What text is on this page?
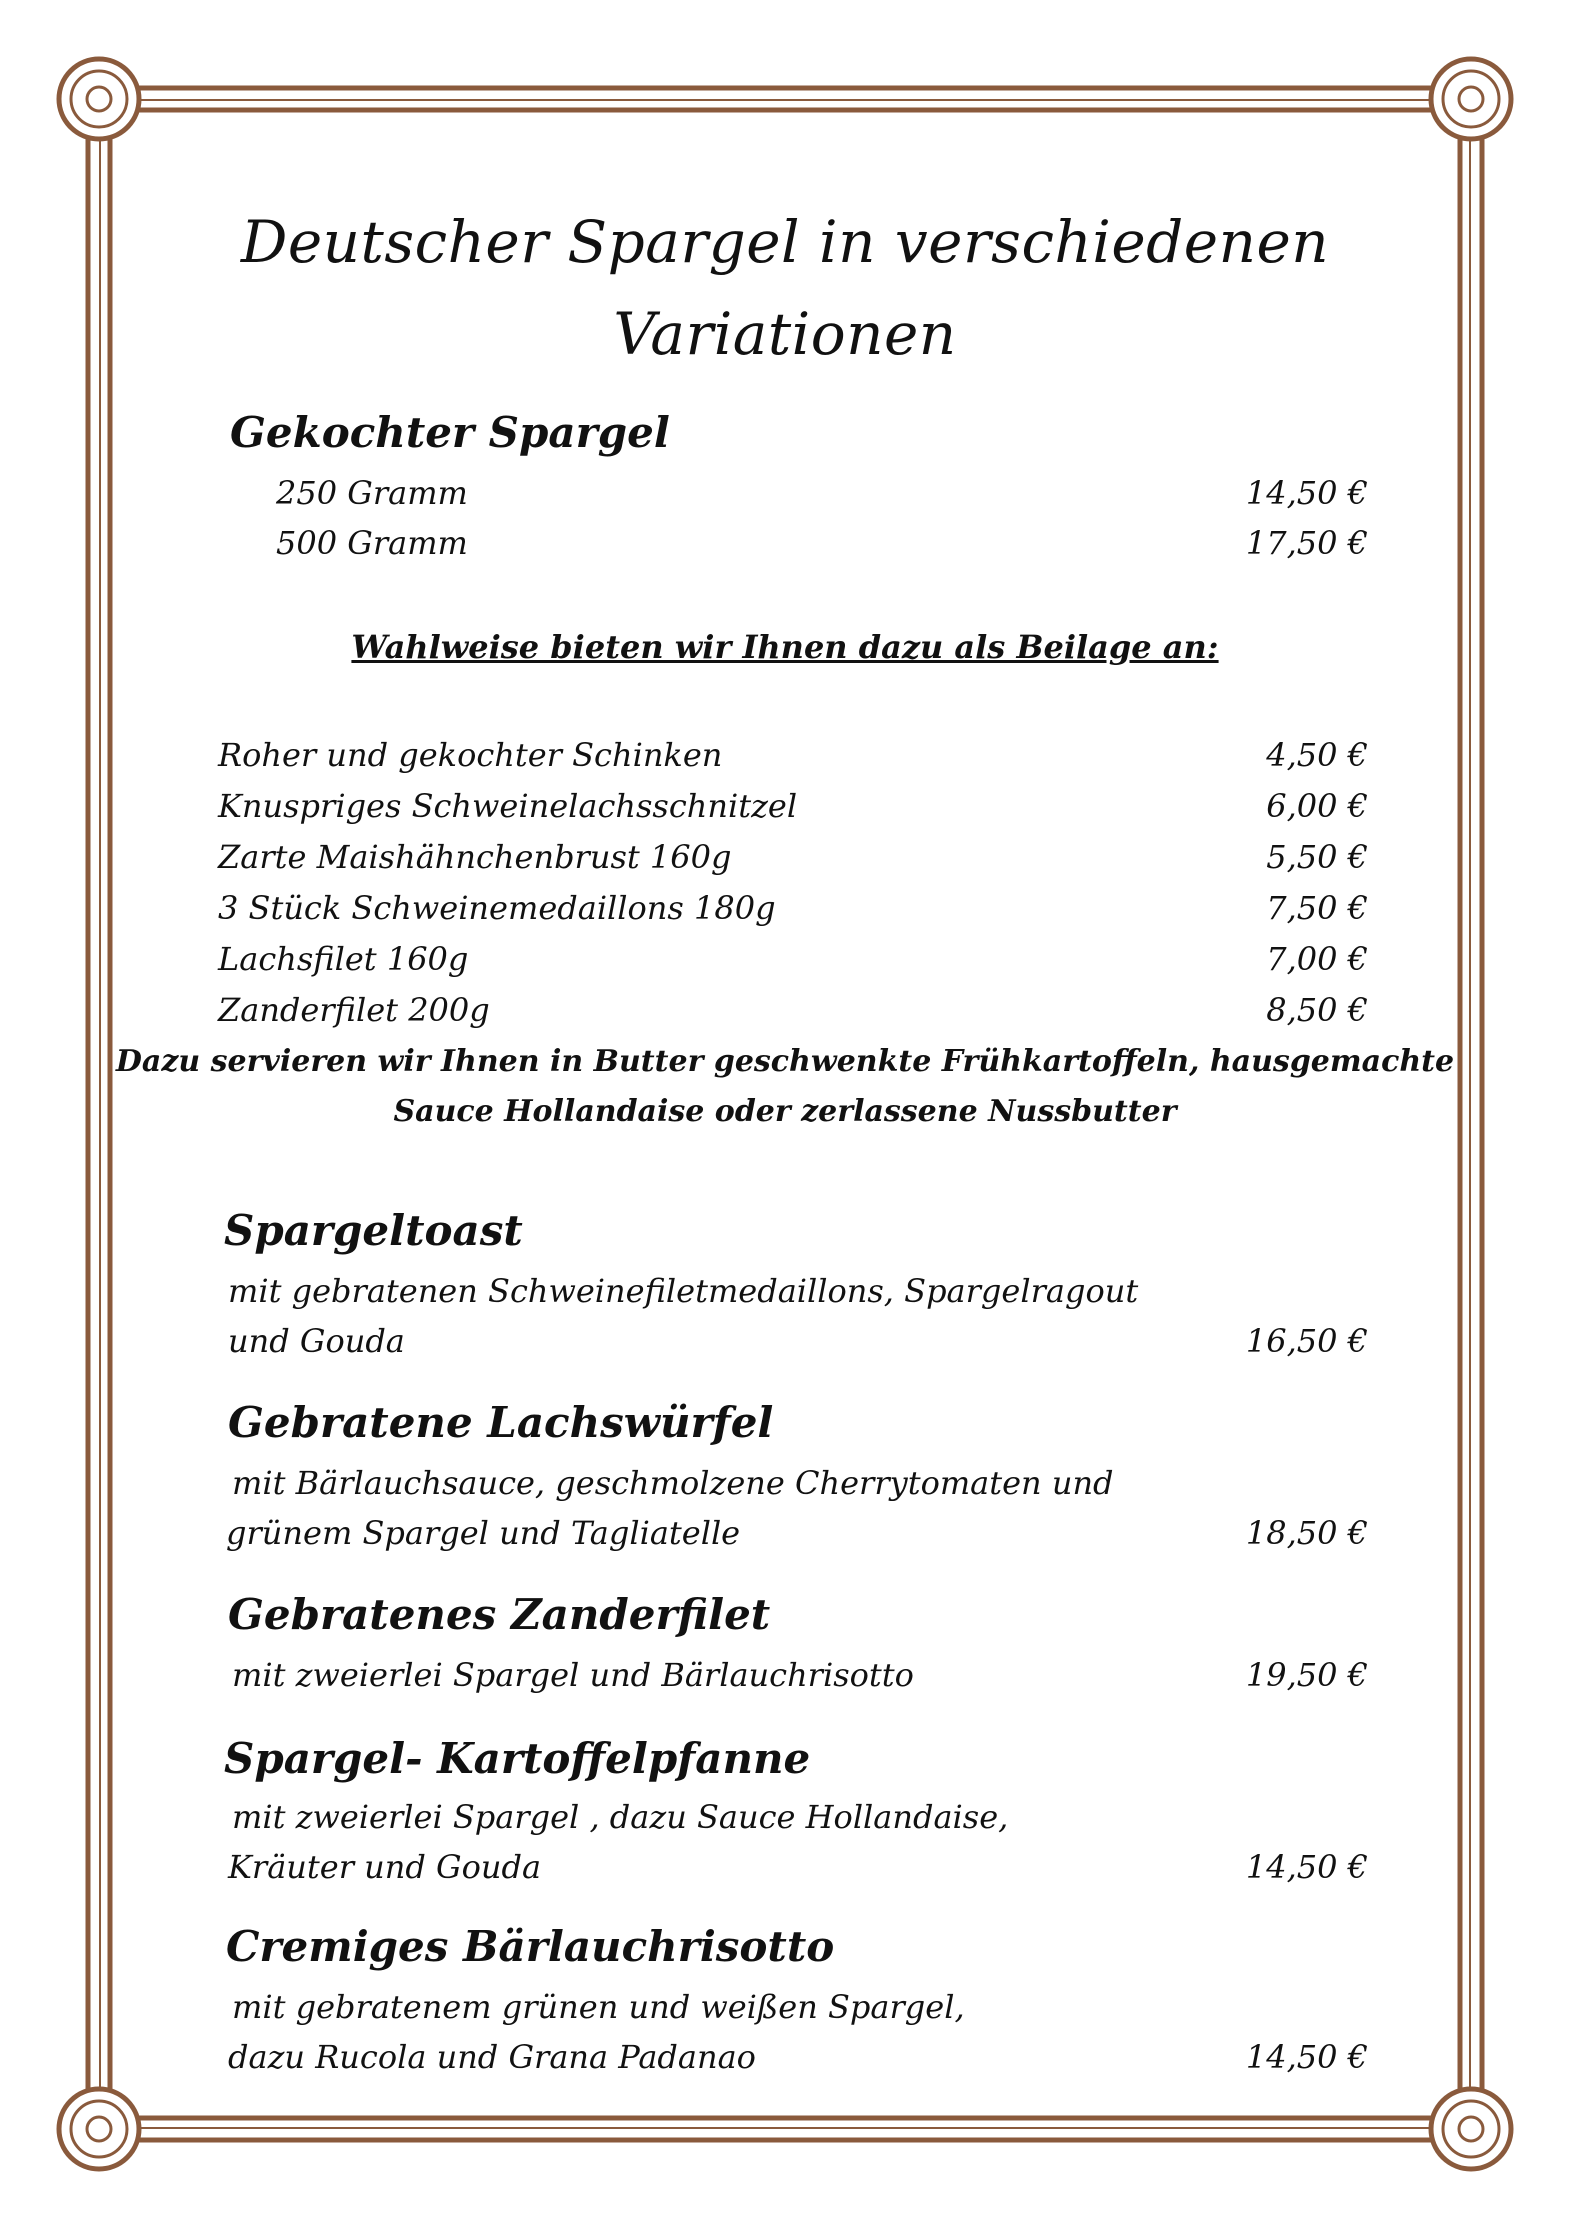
Deutscher Spargel in verschiedenen
Variationen
Gekochter Spargel
250 Gramm	14,50 €
500 Gramm	17,50 €
Wahlweise bieten wir Ihnen dazu als Beilage an:
Roher und gekochter Schinken	4,50 €
Knuspriges Schweinelachsschnitzel	6,00 €
Zarte Maishähnchenbrust 160g	5,50 €
3 Stück Schweinemedaillons 180g	7,50 €
Lachsfilet 160g	7,00 €
Zanderfilet 200g	8,50 €
Dazu servieren wir Ihnen in Butter geschwenkte Frühkartoffeln, hausgemachte
Sauce Hollandaise oder zerlassene Nussbutter
Spargeltoast
mit gebratenen Schweinefiletmedaillons, Spargelragout
und Gouda	16,50 €
Gebratene Lachswürfel
mit Bärlauchsauce, geschmolzene Cherrytomaten und
grünem Spargel und Tagliatelle	18,50 €
Gebratenes Zanderfilet
mit zweierlei Spargel und Bärlauchrisotto	19,50 €
Spargel- Kartoffelpfanne
mit zweierlei Spargel , dazu Sauce Hollandaise,
Kräuter und Gouda	14,50 €
Cremiges Bärlauchrisotto
mit gebratenem grünen und weißen Spargel,
dazu Rucola und Grana Padanao	14,50 €
